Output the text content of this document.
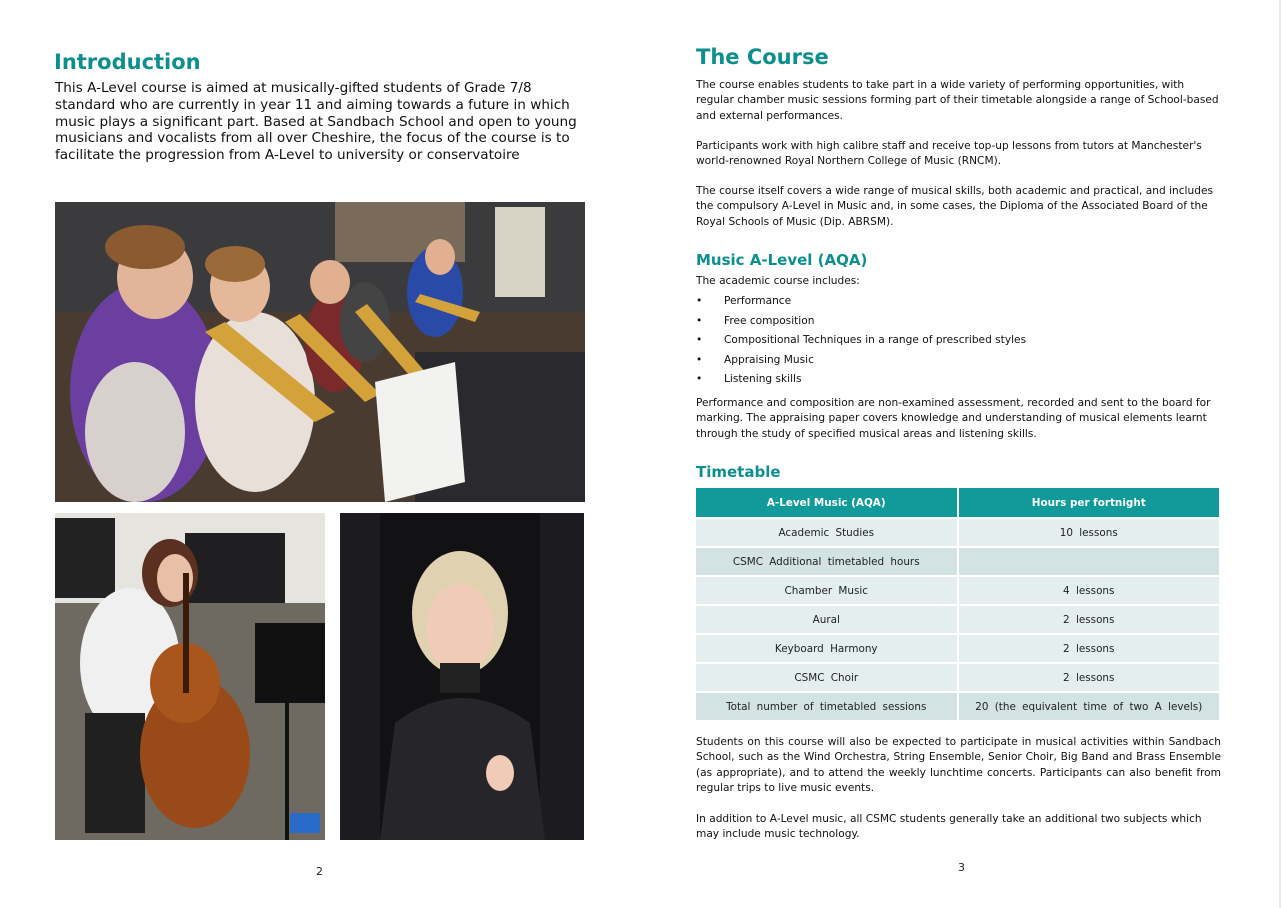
Introduction

This A-Level course is aimed at musically-gifted students of Grade 7/8 standard who are currently in year 11 and aiming towards a future in which music plays a significant part. Based at Sandbach School and open to young musicians and vocalists from all over Cheshire, the focus of the course is to facilitate the progression from A-Level to university or conservatoire

2
The Course

The course enables students to take part in a wide variety of performing opportunities, with regular chamber music sessions forming part of their timetable alongside a range of School-based and external performances.

Participants work with high calibre staff and receive top-up lessons from tutors at Manchester's world-renowned Royal Northern College of Music (RNCM).

The course itself covers a wide range of musical skills, both academic and practical, and includes the compulsory A-Level in Music and, in some cases, the Diploma of the Associated Board of the Royal Schools of Music (Dip. ABRSM).

Music A-Level (AQA)

The academic course includes:

• Performance
• Free composition
• Compositional Techniques in a range of prescribed styles
• Appraising Music
• Listening skills

Performance and composition are non-examined assessment, recorded and sent to the board for marking. The appraising paper covers knowledge and understanding of musical elements learnt through the study of specified musical areas and listening skills.

Timetable
A-Level Music (AQA)	Hours per fortnight
Academic Studies	10 lessons
CSMC Additional timetabled hours	
Chamber Music	4 lessons
Aural	2 lessons
Keyboard Harmony	2 lessons
CSMC Choir	2 lessons
Total number of timetabled sessions	20 (the equivalent time of two A levels)

Students on this course will also be expected to participate in musical activities within Sandbach School, such as the Wind Orchestra, String Ensemble, Senior Choir, Big Band and Brass Ensemble (as appropriate), and to attend the weekly lunchtime concerts. Participants can also benefit from regular trips to live music events.

In addition to A-Level music, all CSMC students generally take an additional two subjects which may include music technology.

3
